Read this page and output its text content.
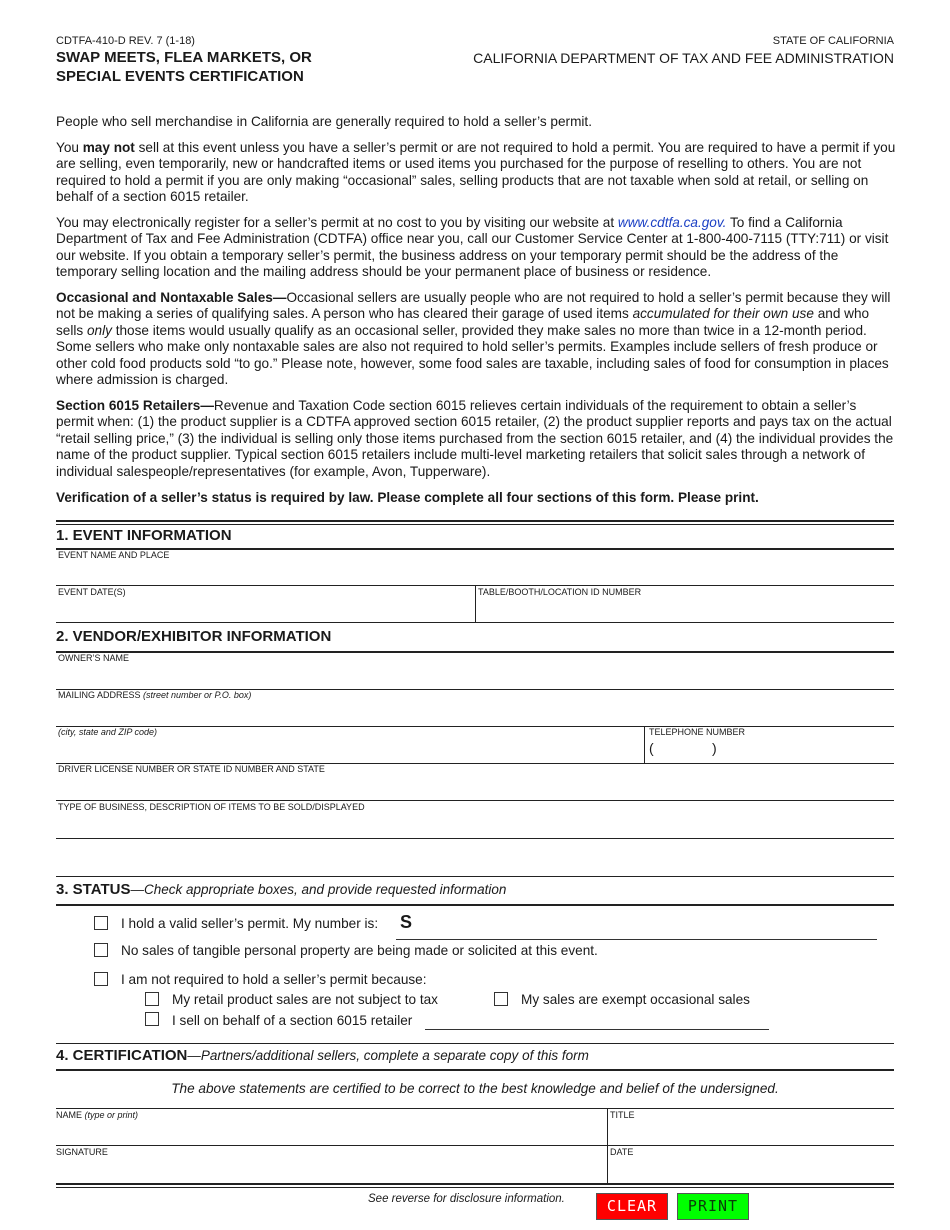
CDTFA-410-D REV. 7 (1-18)
SWAP MEETS, FLEA MARKETS, OR
SPECIAL EVENTS CERTIFICATION
STATE OF CALIFORNIA
CALIFORNIA DEPARTMENT OF TAX AND FEE ADMINISTRATION

People who sell merchandise in California are generally required to hold a seller’s permit.

You may not sell at this event unless you have a seller’s permit or are not required to hold a permit. You are required to have a permit if you are selling, even temporarily, new or handcrafted items or used items you purchased for the purpose of reselling to others. You are not required to hold a permit if you are only making “occasional” sales, selling products that are not taxable when sold at retail, or selling on behalf of a section 6015 retailer.

You may electronically register for a seller’s permit at no cost to you by visiting our website at www.cdtfa.ca.gov. To find a California Department of Tax and Fee Administration (CDTFA) office near you, call our Customer Service Center at 1-800-400-7115 (TTY:711) or visit our website. If you obtain a temporary seller’s permit, the business address on your temporary permit should be the address of the temporary selling location and the mailing address should be your permanent place of business or residence.

Occasional and Nontaxable Sales—Occasional sellers are usually people who are not required to hold a seller’s permit because they will not be making a series of qualifying sales. A person who has cleared their garage of used items accumulated for their own use and who sells only those items would usually qualify as an occasional seller, provided they make sales no more than twice in a 12-month period. Some sellers who make only nontaxable sales are also not required to hold seller’s permits. Examples include sellers of fresh produce or other cold food products sold “to go.” Please note, however, some food sales are taxable, including sales of food for consumption in places where admission is charged.

Section 6015 Retailers—Revenue and Taxation Code section 6015 relieves certain individuals of the requirement to obtain a seller’s permit when: (1) the product supplier is a CDTFA approved section 6015 retailer, (2) the product supplier reports and pays tax on the actual “retail selling price,” (3) the individual is selling only those items purchased from the section 6015 retailer, and (4) the individual provides the name of the product supplier. Typical section 6015 retailers include multi-level marketing retailers that solicit sales through a network of individual salespeople/representatives (for example, Avon, Tupperware).

Verification of a seller’s status is required by law. Please complete all four sections of this form. Please print.

1. EVENT INFORMATION
EVENT NAME AND PLACE
EVENT DATE(S)	TABLE/BOOTH/LOCATION ID NUMBER
2. VENDOR/EXHIBITOR INFORMATION
OWNER’S NAME
MAILING ADDRESS (street number or P.O. box)
(city, state and ZIP code)	TELEPHONE NUMBER
(	)
DRIVER LICENSE NUMBER OR STATE ID NUMBER AND STATE
TYPE OF BUSINESS, DESCRIPTION OF ITEMS TO BE SOLD/DISPLAYED
3. STATUS—Check appropriate boxes, and provide requested information
I hold a valid seller’s permit. My number is: S
No sales of tangible personal property are being made or solicited at this event.
I am not required to hold a seller’s permit because:
My retail product sales are not subject to tax	My sales are exempt occasional sales
I sell on behalf of a section 6015 retailer
4. CERTIFICATION—Partners/additional sellers, complete a separate copy of this form
The above statements are certified to be correct to the best knowledge and belief of the undersigned.
NAME (type or print)	TITLE
SIGNATURE	DATE
See reverse for disclosure information.	CLEAR	PRINT
